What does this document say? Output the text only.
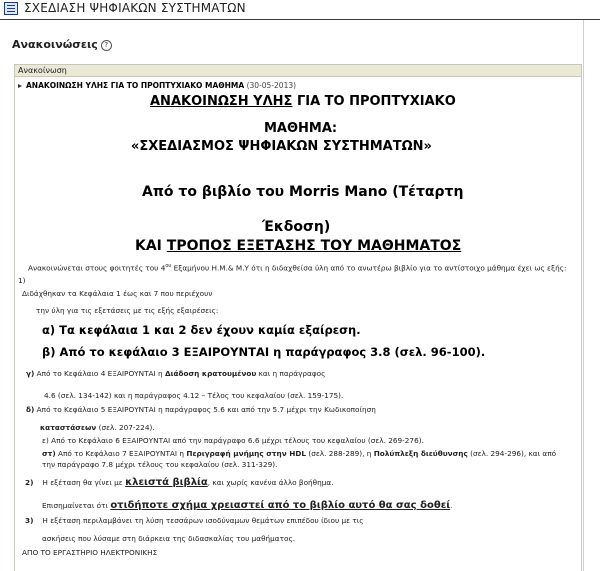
ΣΧΕΔΙΑΣΗ ΨΗΦΙΑΚΩΝ ΣΥΣΤΗΜΑΤΩΝ
Ανακοινώσεις ?
Ανακοίνωση
ΑΝΑΚΟΙΝΩΣΗ ΥΛΗΣ ΓΙΑ ΤΟ ΠΡΟΠΤΥΧΙΑΚΟ ΜΑΘΗΜΑ (30-05-2013)
ΑΝΑΚΟΙΝΩΣΗ ΥΛΗΣ ΓΙΑ ΤΟ ΠΡΟΠΤΥΧΙΑΚΟ
ΜΑΘΗΜΑ:
«ΣΧΕΔΙΑΣΜΟΣ ΨΗΦΙΑΚΩΝ ΣΥΣΤΗΜΑΤΩΝ»
Από το βιβλίο του Morris Mano (Τέταρτη
Έκδοση)
ΚΑΙ ΤΡΟΠΟΣ ΕΞΕΤΑΣΗΣ ΤΟΥ ΜΑΘΗΜΑΤΟΣ
Ανακοινώνεται στους φοιτητές του $4^{o\upsilon}$ Εξαμήνου Η.Μ.& Μ.Υ ότι η διδαχθείσα ύλη από το ανωτέρω βιβλίο για το αντίστοιχο μάθημα έχει ως εξής:
1)
Διδάχθηκαν τα Κεφάλαια 1 έως και 7 που περιέχουν
την ύλη για τις εξετάσεις με τις εξής εξαιρέσεις:
α) Τα κεφάλαια 1 και 2 δεν έχουν καμία εξαίρεση.
β) Από το κεφάλαιο 3 ΕΞΑΙΡΟΥΝΤΑΙ η παράγραφος 3.8 (σελ. 96-100).
γ) Από το Κεφάλαιο 4 ΕΞΑΙΡΟΥΝΤΑΙ η Διάδοση κρατουμένου και η παράγραφος
4.6 (σελ. 134-142) και η παράγραφος 4.12 – Τέλος του κεφαλαίου (σελ. 159-175).
δ) Από το Κεφάλαιο 5 ΕΞΑΙΡΟΥΝΤΑΙ η παράγραφος 5.6 και από την 5.7 μέχρι την Κωδικοποίηση
καταστάσεων (σελ. 207-224).
ε) Από το Κεφάλαιο 6 ΕΞΑΙΡΟΥΝΤΑΙ από την παράγραφο 6.6 μέχρι τέλους του κεφαλαίου (σελ. 269-276).
στ) Από το Κεφάλαιο 7 ΕΞΑΙΡΟΥΝΤΑΙ η Περιγραφή μνήμης στην HDL (σελ. 288-289), η Πολύπλεξη διεύθυνσης (σελ. 294-296), και από
την παράγραφο 7.8 μέχρι τέλους του κεφαλαίου (σελ. 311-329).
2) Η εξέταση θα γίνει με κλειστά βιβλία, και χωρίς κανένα άλλο βοήθημα.
Επισημαίνεται ότι οτιδήποτε σχήμα χρειαστεί από το βιβλίο αυτό θα σας δοθεί.
3) Η εξέταση περιλαμβάνει τη λύση τεσσάρων ισοδύναμων θεμάτων επιπέδου ίδιου με τις
ασκήσεις που λύσαμε στη διάρκεια της διδασκαλίας του μαθήματος.
ΑΠΟ ΤΟ ΕΡΓΑΣΤΗΡΙΟ ΗΛΕΚΤΡΟΝΙΚΗΣ
